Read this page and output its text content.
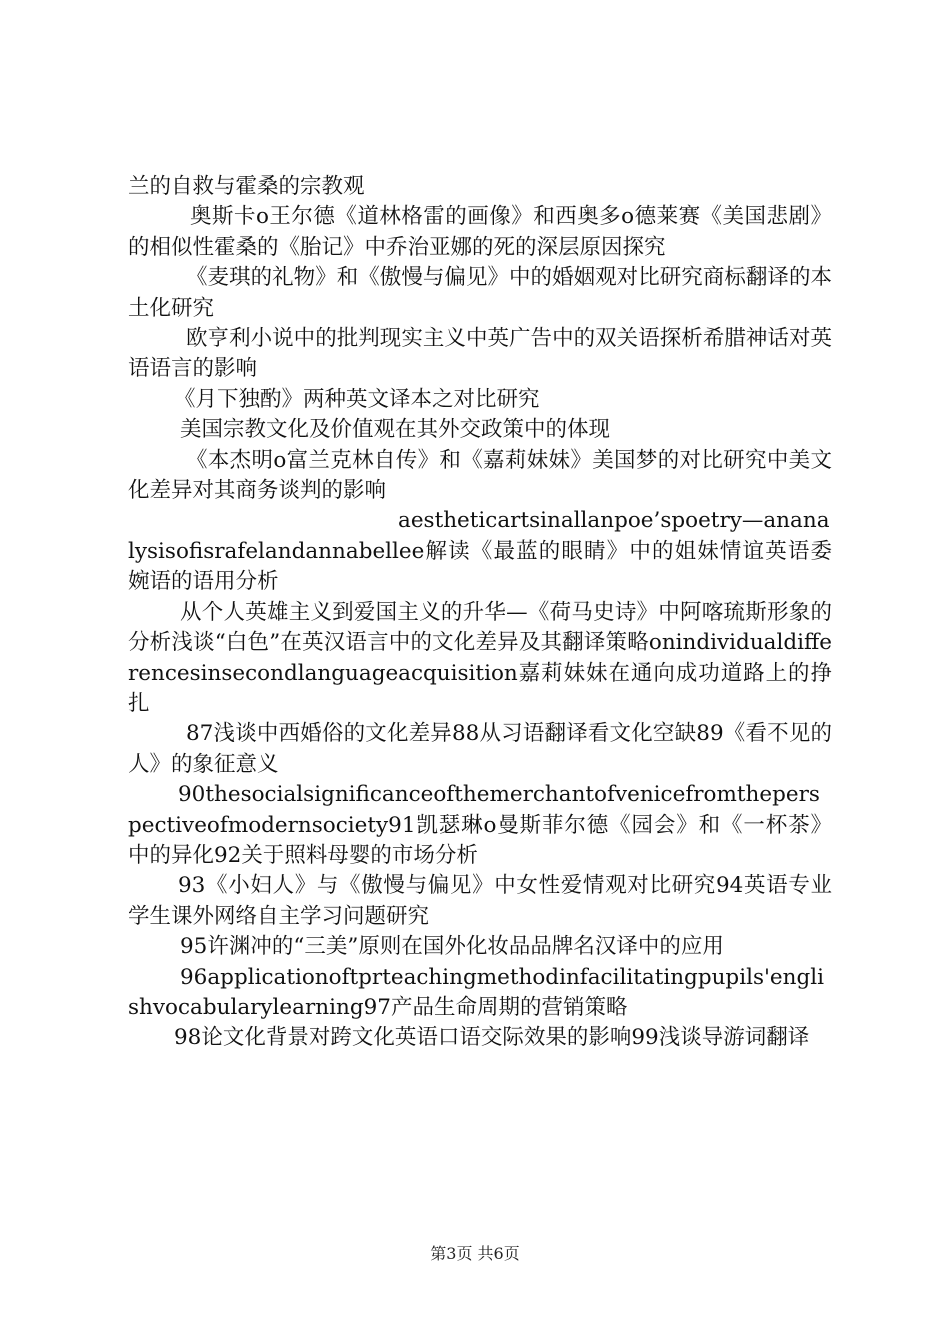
兰的自救与霍桑的宗教观

奥斯卡o王尔德《道林格雷的画像》和西奥多o德莱赛《美国悲剧》的相似性霍桑的《胎记》中乔治亚娜的死的深层原因探究

《麦琪的礼物》和《傲慢与偏见》中的婚姻观对比研究商标翻译的本土化研究

欧亨利小说中的批判现实主义中英广告中的双关语探析希腊神话对英语语言的影响

《月下独酌》两种英文译本之对比研究

美国宗教文化及价值观在其外交政策中的体现

《本杰明o富兰克林自传》和《嘉莉妹妹》美国梦的对比研究中美文化差异对其商务谈判的影响

aestheticartsinallanpoe’spoetry—ananalysisofisrafelandannabellee解读《最蓝的眼睛》中的姐妹情谊英语委婉语的语用分析

从个人英雄主义到爱国主义的升华—《荷马史诗》中阿喀琉斯形象的分析浅谈“白色”在英汉语言中的文化差异及其翻译策略onindividualdifferencesinsecondlanguageacquisition嘉莉妹妹在通向成功道路上的挣扎

87浅谈中西婚俗的文化差异88从习语翻译看文化空缺89《看不见的人》的象征意义

90thesocialsignificanceofthemerchantofvenicefromtheperspectiveofmodernsociety91凯瑟琳o曼斯菲尔德《园会》和《一杯茶》中的异化92关于照料母婴的市场分析

93《小妇人》与《傲慢与偏见》中女性爱情观对比研究94英语专业学生课外网络自主学习问题研究

95许渊冲的“三美”原则在国外化妆品品牌名汉译中的应用

96applicationoftprteachingmethodinfacilitatingpupils'englishvocabularylearning97产品生命周期的营销策略

98论文化背景对跨文化英语口语交际效果的影响99浅谈导游词翻译

第3页 共6页
